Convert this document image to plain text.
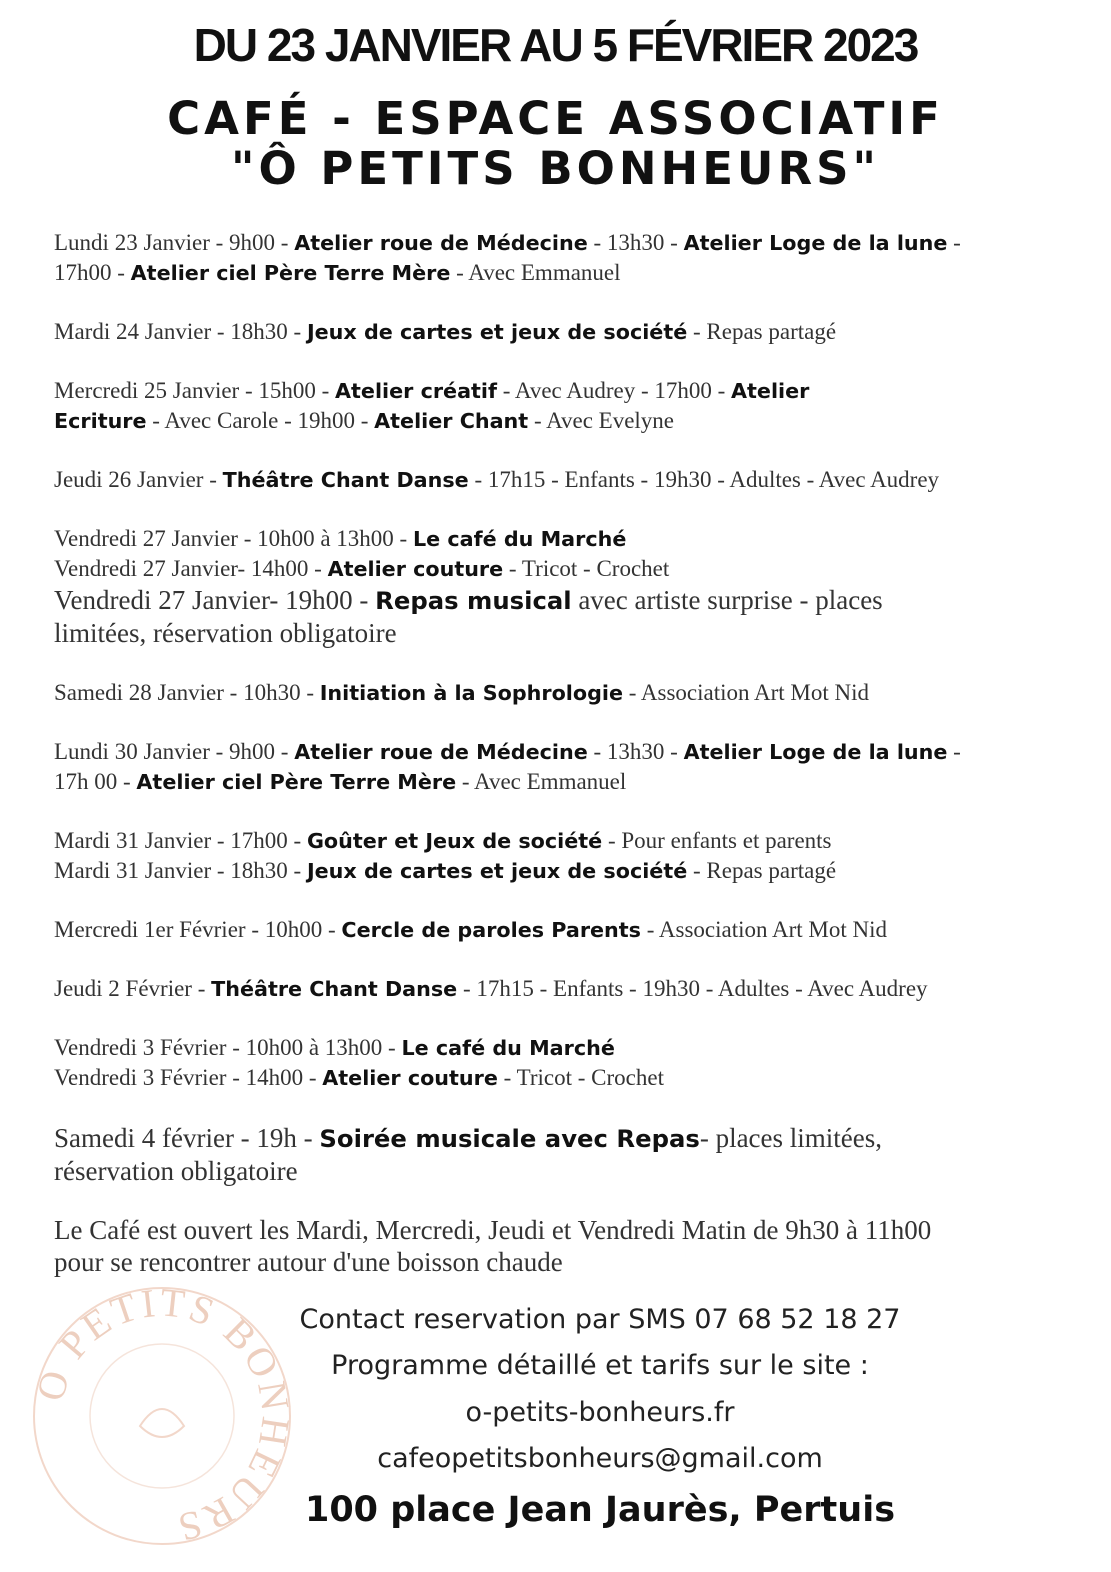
DU 23 JANVIER AU 5 FÉVRIER 2023
CAFÉ - ESPACE ASSOCIATIF
"Ô PETITS BONHEURS"
Lundi 23 Janvier - 9h00 - Atelier roue de Médecine - 13h30 - Atelier Loge de la lune -
17h00 - Atelier ciel Père Terre Mère - Avec Emmanuel
Mardi 24 Janvier - 18h30 - Jeux de cartes et jeux de société - Repas partagé
Mercredi 25 Janvier - 15h00 - Atelier créatif - Avec Audrey - 17h00 - Atelier
Ecriture - Avec Carole - 19h00 - Atelier Chant - Avec Evelyne
Jeudi 26 Janvier - Théâtre Chant Danse - 17h15 - Enfants - 19h30 - Adultes - Avec Audrey
Vendredi 27 Janvier - 10h00 à 13h00 - Le café du Marché
Vendredi 27 Janvier- 14h00 - Atelier couture - Tricot - Crochet
Vendredi 27 Janvier- 19h00 - Repas musical avec artiste surprise - places
limitées, réservation obligatoire
Samedi 28 Janvier - 10h30 - Initiation à la Sophrologie - Association Art Mot Nid
Lundi 30 Janvier - 9h00 - Atelier roue de Médecine - 13h30 - Atelier Loge de la lune -
17h 00 - Atelier ciel Père Terre Mère - Avec Emmanuel
Mardi 31 Janvier - 17h00 - Goûter et Jeux de société - Pour enfants et parents
Mardi 31 Janvier - 18h30 - Jeux de cartes et jeux de société - Repas partagé
Mercredi 1er Février - 10h00 - Cercle de paroles Parents - Association Art Mot Nid
Jeudi 2 Février - Théâtre Chant Danse - 17h15 - Enfants - 19h30 - Adultes - Avec Audrey
Vendredi 3 Février - 10h00 à 13h00 - Le café du Marché
Vendredi 3 Février - 14h00 - Atelier couture - Tricot - Crochet
Samedi 4 février - 19h - Soirée musicale avec Repas- places limitées,
réservation obligatoire
Le Café est ouvert les Mardi, Mercredi, Jeudi et Vendredi Matin de 9h30 à 11h00
pour se rencontrer autour d'une boisson chaude
O PETITS BONHEURS
Contact reservation par SMS 07 68 52 18 27
Programme détaillé et tarifs sur le site :
o-petits-bonheurs.fr
cafeopetitsbonheurs@gmail.com
100 place Jean Jaurès, Pertuis
